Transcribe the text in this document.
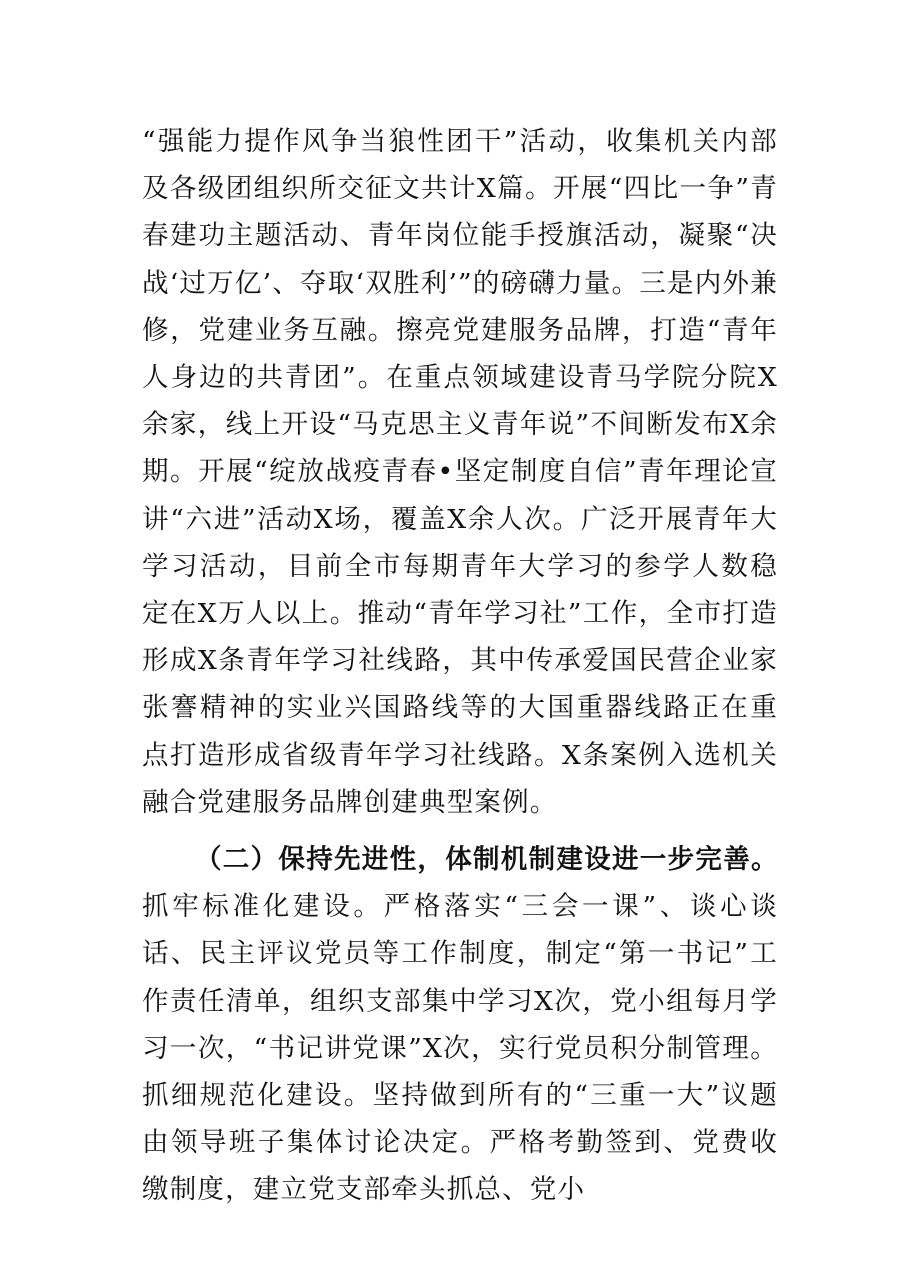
“强能力提作风争当狼性团干”活动，收集机关内部及各级团组织所交征文共计X篇。开展“四比一争”青春建功主题活动、青年岗位能手授旗活动，凝聚“决战‘过万亿’、夺取‘双胜利’”的磅礴力量。三是内外兼修，党建业务互融。擦亮党建服务品牌，打造“青年人身边的共青团”。在重点领域建设青马学院分院X余家，线上开设“马克思主义青年说”不间断发布X余期。开展“绽放战疫青春•坚定制度自信”青年理论宣讲“六进”活动X场，覆盖X余人次。广泛开展青年大学习活动，目前全市每期青年大学习的参学人数稳定在X万人以上。推动“青年学习社”工作，全市打造形成X条青年学习社线路，其中传承爱国民营企业家张謇精神的实业兴国路线等的大国重器线路正在重点打造形成省级青年学习社线路。X条案例入选机关融合党建服务品牌创建典型案例。

（二）保持先进性，体制机制建设进一步完善。抓牢标准化建设。严格落实“三会一课”、谈心谈话、民主评议党员等工作制度，制定“第一书记”工作责任清单，组织支部集中学习X次，党小组每月学习一次，“书记讲党课”X次，实行党员积分制管理。抓细规范化建设。坚持做到所有的“三重一大”议题由领导班子集体讨论决定。严格考勤签到、党费收缴制度，建立党支部牵头抓总、党小
